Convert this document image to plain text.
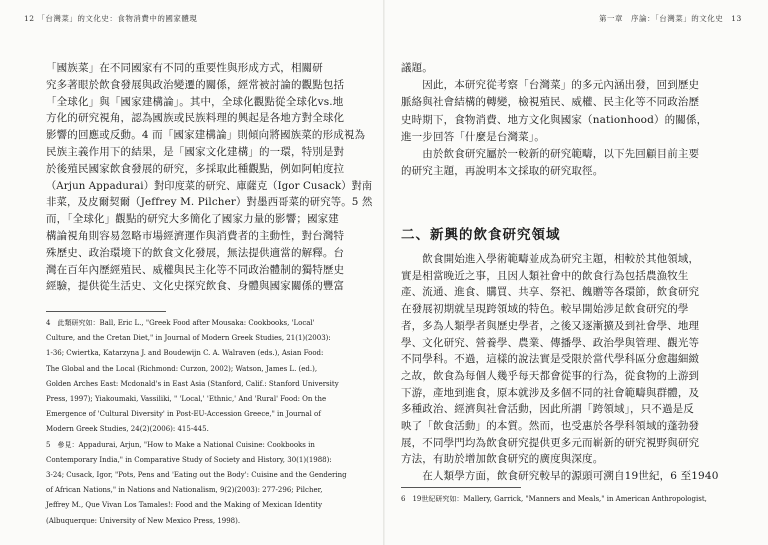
12 「台灣菜」的文化史：食物消費中的國家體現
「國族菜」在不同國家有不同的重要性與形成方式，相關研
究多著眼於飲食發展與政治變遷的關係，經常被討論的觀點包括
「全球化」與「國家建構論」。其中，全球化觀點從全球化vs.地
方化的研究視角，認為國族或民族料理的興起是各地方對全球化
影響的回應或反動。4 而「國家建構論」則傾向將國族菜的形成視為
民族主義作用下的結果，是「國家文化建構」的一環，特別是對
於後殖民國家飲食發展的研究，多採取此種觀點，例如阿帕度拉
（Arjun Appadurai）對印度菜的研究、庫薩克（Igor Cusack）對南
非菜，及皮爾契爾（Jeffrey M. Pilcher）對墨西哥菜的研究等。5 然
而，「全球化」觀點的研究大多簡化了國家力量的影響；國家建
構論視角則容易忽略市場經濟運作與消費者的主動性，對台灣特
殊歷史、政治環境下的飲食文化發展，無法提供適當的解釋。台
灣在百年內歷經殖民、威權與民主化等不同政治體制的獨特歷史
經驗，提供從生活史、文化史探究飲食、身體與國家關係的豐富
4　此類研究如：Ball, Eric L., "Greek Food after Mousaka: Cookbooks, 'Local'
Culture, and the Cretan Diet," in Journal of Modern Greek Studies, 21(1)(2003):
1-36; Cwiertka, Katarzyna J. and Boudewijn C. A. Walraven (eds.), Asian Food:
The Global and the Local (Richmond: Curzon, 2002); Watson, James L. (ed.),
Golden Arches East: Mcdonald's in East Asia (Stanford, Calif.: Stanford University
Press, 1997); Yiakoumaki, Vassiliki, " 'Local,' 'Ethnic,' And 'Rural' Food: On the
Emergence of 'Cultural Diversity' in Post-EU-Accession Greece," in Journal of
Modern Greek Studies, 24(2)(2006): 415-445.
5　參見：Appadurai, Arjun, "How to Make a National Cuisine: Cookbooks in
Contemporary India," in Comparative Study of Society and History, 30(1)(1988):
3-24; Cusack, Igor, "Pots, Pens and 'Eating out the Body': Cuisine and the Gendering
of African Nations," in Nations and Nationalism, 9(2)(2003): 277-296; Pilcher,
Jeffrey M., Que Vivan Los Tamales!: Food and the Making of Mexican Identity
(Albuquerque: University of New Mexico Press, 1998).
第一章　序論：「台灣菜」的文化史　13
議題。
　　因此，本研究從考察「台灣菜」的多元內涵出發，回到歷史
脈絡與社會結構的轉變，檢視殖民、威權、民主化等不同政治歷
史時期下，食物消費、地方文化與國家（nationhood）的關係，
進一步回答「什麼是台灣菜」。
　　由於飲食研究屬於一較新的研究範疇，以下先回顧目前主要
的研究主題，再說明本文採取的研究取徑。
二、新興的飲食研究領域
　　飲食開始進入學術範疇並成為研究主題，相較於其他領域，
實是相當晚近之事，且因人類社會中的飲食行為包括農漁牧生
產、流通、進食、購買、共享、祭祀、餽贈等各環節，飲食研究
在發展初期就呈現跨領域的特色。較早開始涉足飲食研究的學
者，多為人類學者與歷史學者，之後又逐漸擴及到社會學、地理
學、文化研究、營養學、農業、傳播學、政治學與管理、觀光等
不同學科。不過，這樣的說法實是受限於當代學科區分愈趨細緻
之故，飲食為每個人幾乎每天都會從事的行為，從食物的上游到
下游，產地到進食，原本就涉及多個不同的社會範疇與群體，及
多種政治、經濟與社會活動，因此所謂「跨領域」，只不過是反
映了「飲食活動」的本質。然而，也受惠於各學科領域的蓬勃發
展，不同學門均為飲食研究提供更多元而嶄新的研究視野與研究
方法，有助於增加飲食研究的廣度與深度。
　　在人類學方面，飲食研究較早的源頭可溯自19世紀，6 至1940
6　19世紀研究如：Mallery, Garrick, "Manners and Meals," in American Anthropologist,
